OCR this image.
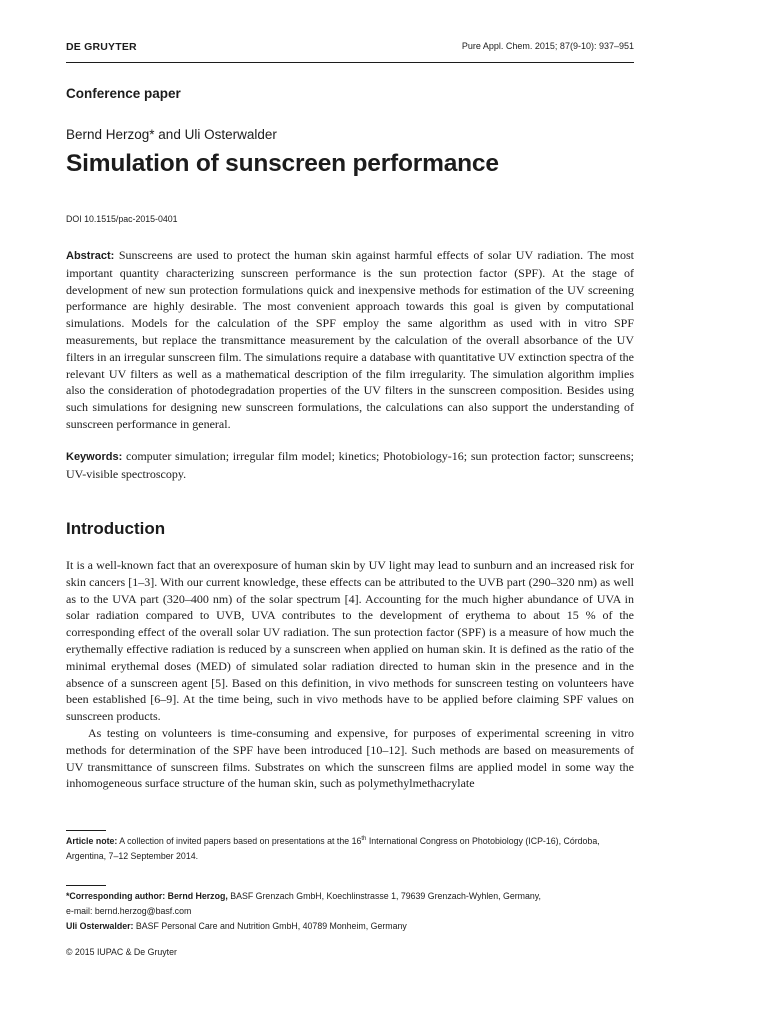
DE GRUYTER	Pure Appl. Chem. 2015; 87(9-10): 937–951
Conference paper
Bernd Herzog* and Uli Osterwalder
Simulation of sunscreen performance
DOI 10.1515/pac-2015-0401
Abstract: Sunscreens are used to protect the human skin against harmful effects of solar UV radiation. The most important quantity characterizing sunscreen performance is the sun protection factor (SPF). At the stage of development of new sun protection formulations quick and inexpensive methods for estimation of the UV screening performance are highly desirable. The most convenient approach towards this goal is given by computational simulations. Models for the calculation of the SPF employ the same algorithm as used with in vitro SPF measurements, but replace the transmittance measurement by the calculation of the overall absorbance of the UV filters in an irregular sunscreen film. The simulations require a database with quantitative UV extinction spectra of the relevant UV filters as well as a mathematical description of the film irregularity. The simulation algorithm implies also the consideration of photodegradation properties of the UV filters in the sunscreen composition. Besides using such simulations for designing new sunscreen formulations, the calculations can also support the understanding of sunscreen performance in general.
Keywords: computer simulation; irregular film model; kinetics; Photobiology-16; sun protection factor; sunscreens; UV-visible spectroscopy.
Introduction

It is a well-known fact that an overexposure of human skin by UV light may lead to sunburn and an increased risk for skin cancers [1–3]. With our current knowledge, these effects can be attributed to the UVB part (290–320 nm) as well as to the UVA part (320–400 nm) of the solar spectrum [4]. Accounting for the much higher abundance of UVA in solar radiation compared to UVB, UVA contributes to the development of erythema to about 15 % of the corresponding effect of the overall solar UV radiation. The sun protection factor (SPF) is a measure of how much the erythemally effective radiation is reduced by a sunscreen when applied on human skin. It is defined as the ratio of the minimal erythemal doses (MED) of simulated solar radiation directed to human skin in the presence and in the absence of a sunscreen agent [5]. Based on this definition, in vivo methods for sunscreen testing on volunteers have been established [6–9]. At the time being, such in vivo methods have to be applied before claiming SPF values on sunscreen products.

As testing on volunteers is time-consuming and expensive, for purposes of experimental screening in vitro methods for determination of the SPF have been introduced [10–12]. Such methods are based on measurements of UV transmittance of sunscreen films. Substrates on which the sunscreen films are applied model in some way the inhomogeneous surface structure of the human skin, such as polymethylmethacrylate

Article note: A collection of invited papers based on presentations at the 16th International Congress on Photobiology (ICP-16), Córdoba, Argentina, 7–12 September 2014.
*Corresponding author: Bernd Herzog, BASF Grenzach GmbH, Koechlinstrasse 1, 79639 Grenzach-Wyhlen, Germany,
e-mail: bernd.herzog@basf.com
Uli Osterwalder: BASF Personal Care and Nutrition GmbH, 40789 Monheim, Germany
© 2015 IUPAC & De Gruyter
